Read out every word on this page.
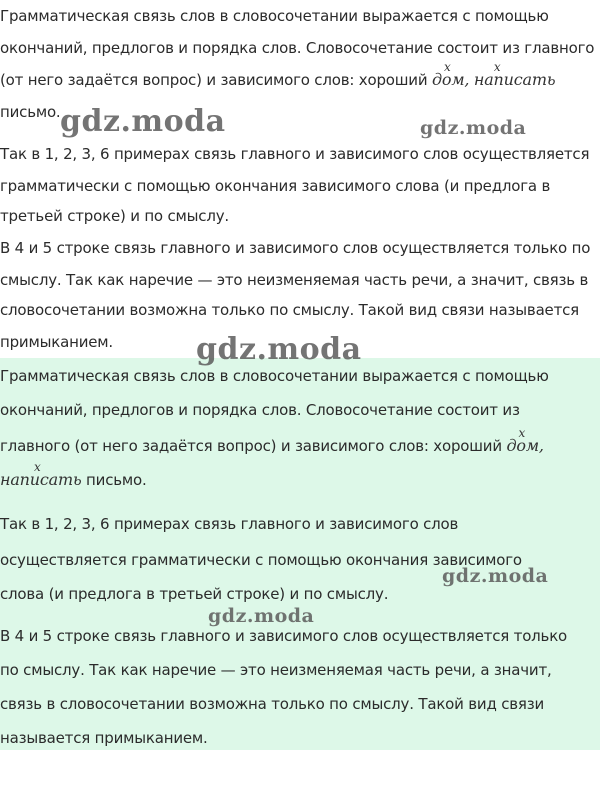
Грамматическая связь слов в словосочетании выражается с помощью
окончаний, предлогов и порядка слов. Словосочетание состоит из главного
(от него задаётся вопрос) и зависимого слов: хороший
x
дом,
x
написать
письмо.
Так в 1, 2, 3, 6 примерах связь главного и зависимого слов осуществляется
грамматически с помощью окончания зависимого слова (и предлога в
третьей строке) и по смыслу.
В 4 и 5 строке связь главного и зависимого слов осуществляется только по
смыслу. Так как наречие — это неизменяемая часть речи, а значит, связь в
словосочетании возможна только по смыслу. Такой вид связи называется
примыканием.
Грамматическая связь слов в словосочетании выражается с помощью
окончаний, предлогов и порядка слов. Словосочетание состоит из
главного (от него задаётся вопрос) и зависимого слов: хороший
x
дом,
x
написать письмо.
Так в 1, 2, 3, 6 примерах связь главного и зависимого слов
осуществляется грамматически с помощью окончания зависимого
слова (и предлога в третьей строке) и по смыслу.
В 4 и 5 строке связь главного и зависимого слов осуществляется только
по смыслу. Так как наречие — это неизменяемая часть речи, а значит,
связь в словосочетании возможна только по смыслу. Такой вид связи
называется примыканием.
gdz.moda	gdz.moda
gdz.moda
gdz.moda
gdz.moda
